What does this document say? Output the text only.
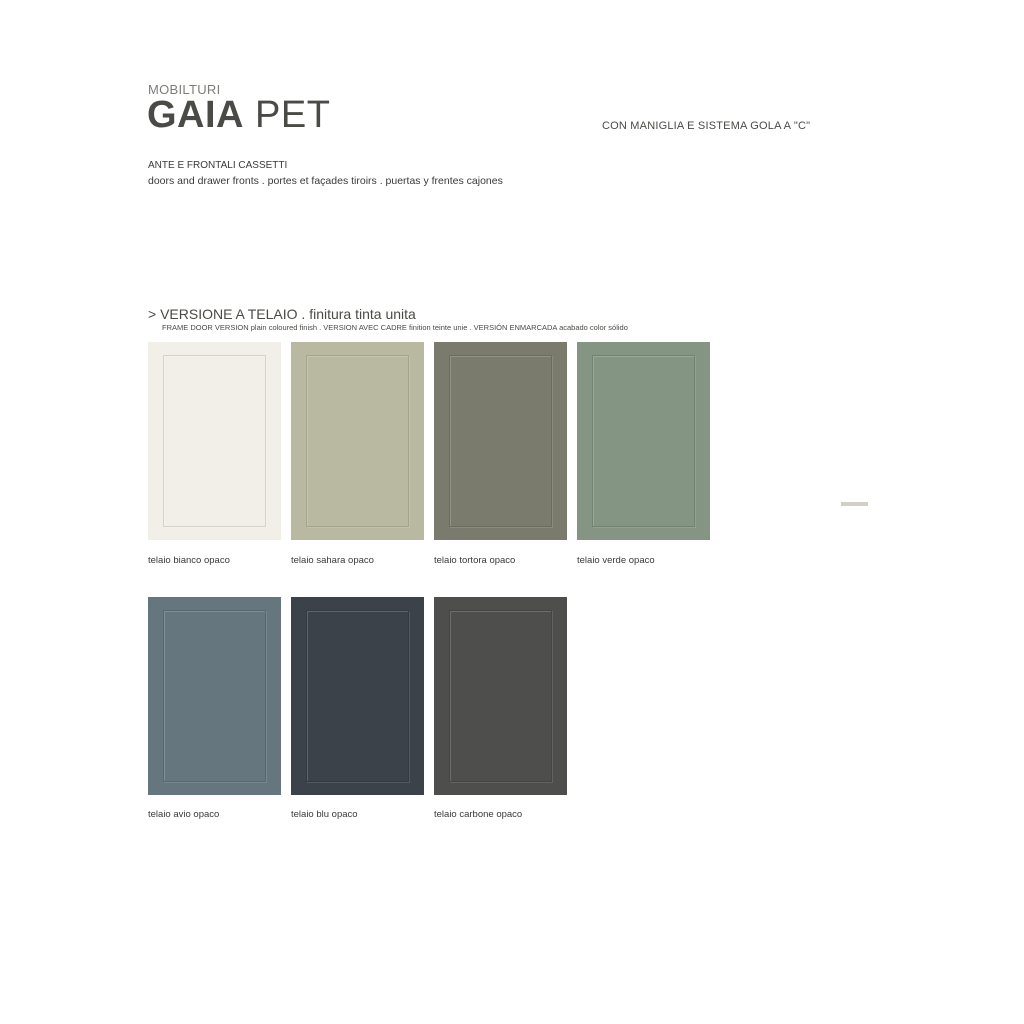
MOBILTURI
GAIA PET	CON MANIGLIA E SISTEMA GOLA A "C"
ANTE E FRONTALI CASSETTI
doors and drawer fronts . portes et façades tiroirs . puertas y frentes cajones
> VERSIONE A TELAIO . finitura tinta unita
FRAME DOOR VERSION plain coloured finish . VERSION AVEC CADRE finition teinte unie . VERSIÓN ENMARCADA acabado color sólido
telaio bianco opaco	telaio sahara opaco	telaio tortora opaco	telaio verde opaco
telaio avio opaco	telaio blu opaco	telaio carbone opaco
